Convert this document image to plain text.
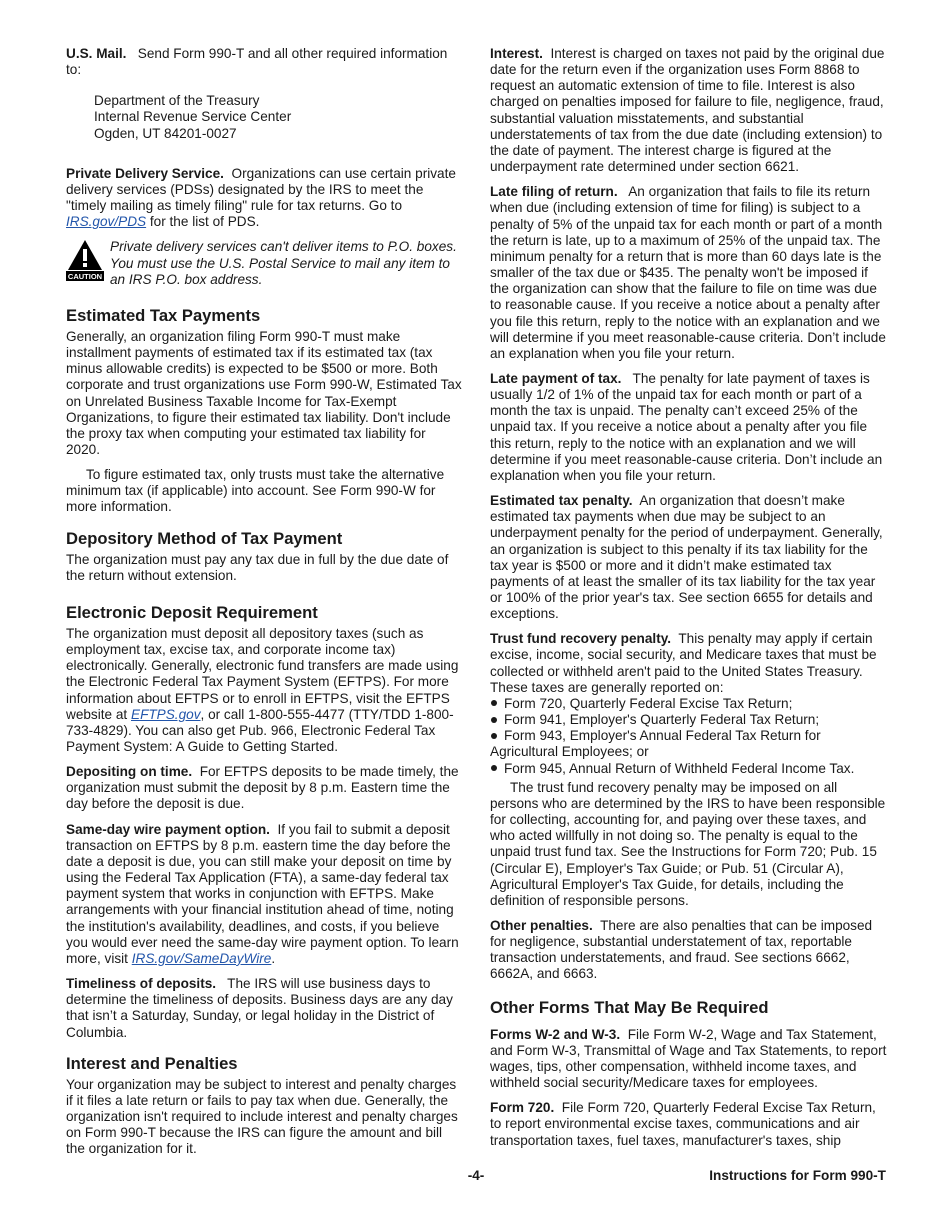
U.S. Mail. Send Form 990-T and all other required information to:

Department of the Treasury
Internal Revenue Service Center
Ogden, UT 84201-0027

Private Delivery Service. Organizations can use certain private delivery services (PDSs) designated by the IRS to meet the "timely mailing as timely filing" rule for tax returns. Go to IRS.gov/PDS for the list of PDS.

CAUTION

Private delivery services can't deliver items to P.O. boxes. You must use the U.S. Postal Service to mail any item to an IRS P.O. box address.

Estimated Tax Payments

Generally, an organization filing Form 990-T must make installment payments of estimated tax if its estimated tax (tax minus allowable credits) is expected to be $500 or more. Both corporate and trust organizations use Form 990-W, Estimated Tax on Unrelated Business Taxable Income for Tax-Exempt Organizations, to figure their estimated tax liability. Don't include the proxy tax when computing your estimated tax liability for 2020.

To figure estimated tax, only trusts must take the alternative minimum tax (if applicable) into account. See Form 990-W for more information.

Depository Method of Tax Payment

The organization must pay any tax due in full by the due date of the return without extension.

Electronic Deposit Requirement

The organization must deposit all depository taxes (such as employment tax, excise tax, and corporate income tax) electronically. Generally, electronic fund transfers are made using the Electronic Federal Tax Payment System (EFTPS). For more information about EFTPS or to enroll in EFTPS, visit the EFTPS website at EFTPS.gov, or call 1-800-555-4477 (TTY/TDD 1-800-733-4829). You can also get Pub. 966, Electronic Federal Tax Payment System: A Guide to Getting Started.

Depositing on time. For EFTPS deposits to be made timely, the organization must submit the deposit by 8 p.m. Eastern time the day before the deposit is due.

Same-day wire payment option. If you fail to submit a deposit transaction on EFTPS by 8 p.m. eastern time the day before the date a deposit is due, you can still make your deposit on time by using the Federal Tax Application (FTA), a same-day federal tax payment system that works in conjunction with EFTPS. Make arrangements with your financial institution ahead of time, noting the institution's availability, deadlines, and costs, if you believe you would ever need the same-day wire payment option. To learn more, visit IRS.gov/SameDayWire.

Timeliness of deposits. The IRS will use business days to determine the timeliness of deposits. Business days are any day that isn’t a Saturday, Sunday, or legal holiday in the District of Columbia.

Interest and Penalties

Your organization may be subject to interest and penalty charges if it files a late return or fails to pay tax when due. Generally, the organization isn't required to include interest and penalty charges on Form 990-T because the IRS can figure the amount and bill the organization for it.

Interest. Interest is charged on taxes not paid by the original due date for the return even if the organization uses Form 8868 to request an automatic extension of time to file. Interest is also charged on penalties imposed for failure to file, negligence, fraud, substantial valuation misstatements, and substantial understatements of tax from the due date (including extension) to the date of payment. The interest charge is figured at the underpayment rate determined under section 6621.

Late filing of return. An organization that fails to file its return when due (including extension of time for filing) is subject to a penalty of 5% of the unpaid tax for each month or part of a month the return is late, up to a maximum of 25% of the unpaid tax. The minimum penalty for a return that is more than 60 days late is the smaller of the tax due or $435. The penalty won't be imposed if the organization can show that the failure to file on time was due to reasonable cause. If you receive a notice about a penalty after you file this return, reply to the notice with an explanation and we will determine if you meet reasonable-cause criteria. Don’t include an explanation when you file your return.

Late payment of tax. The penalty for late payment of taxes is usually 1/2 of 1% of the unpaid tax for each month or part of a month the tax is unpaid. The penalty can’t exceed 25% of the unpaid tax. If you receive a notice about a penalty after you file this return, reply to the notice with an explanation and we will determine if you meet reasonable-cause criteria. Don’t include an explanation when you file your return.

Estimated tax penalty. An organization that doesn’t make estimated tax payments when due may be subject to an underpayment penalty for the period of underpayment. Generally, an organization is subject to this penalty if its tax liability for the tax year is $500 or more and it didn’t make estimated tax payments of at least the smaller of its tax liability for the tax year or 100% of the prior year's tax. See section 6655 for details and exceptions.

Trust fund recovery penalty. This penalty may apply if certain excise, income, social security, and Medicare taxes that must be collected or withheld aren't paid to the United States Treasury. These taxes are generally reported on:

Form 720, Quarterly Federal Excise Tax Return;
Form 941, Employer's Quarterly Federal Tax Return;
Form 943, Employer's Annual Federal Tax Return for Agricultural Employees; or
Form 945, Annual Return of Withheld Federal Income Tax.

The trust fund recovery penalty may be imposed on all persons who are determined by the IRS to have been responsible for collecting, accounting for, and paying over these taxes, and who acted willfully in not doing so. The penalty is equal to the unpaid trust fund tax. See the Instructions for Form 720; Pub. 15 (Circular E), Employer's Tax Guide; or Pub. 51 (Circular A), Agricultural Employer's Tax Guide, for details, including the definition of responsible persons.

Other penalties. There are also penalties that can be imposed for negligence, substantial understatement of tax, reportable transaction understatements, and fraud. See sections 6662, 6662A, and 6663.

Other Forms That May Be Required

Forms W-2 and W-3. File Form W-2, Wage and Tax Statement, and Form W-3, Transmittal of Wage and Tax Statements, to report wages, tips, other compensation, withheld income taxes, and withheld social security/Medicare taxes for employees.

Form 720. File Form 720, Quarterly Federal Excise Tax Return, to report environmental excise taxes, communications and air transportation taxes, fuel taxes, manufacturer's taxes, ship

-4-	Instructions for Form 990-T
